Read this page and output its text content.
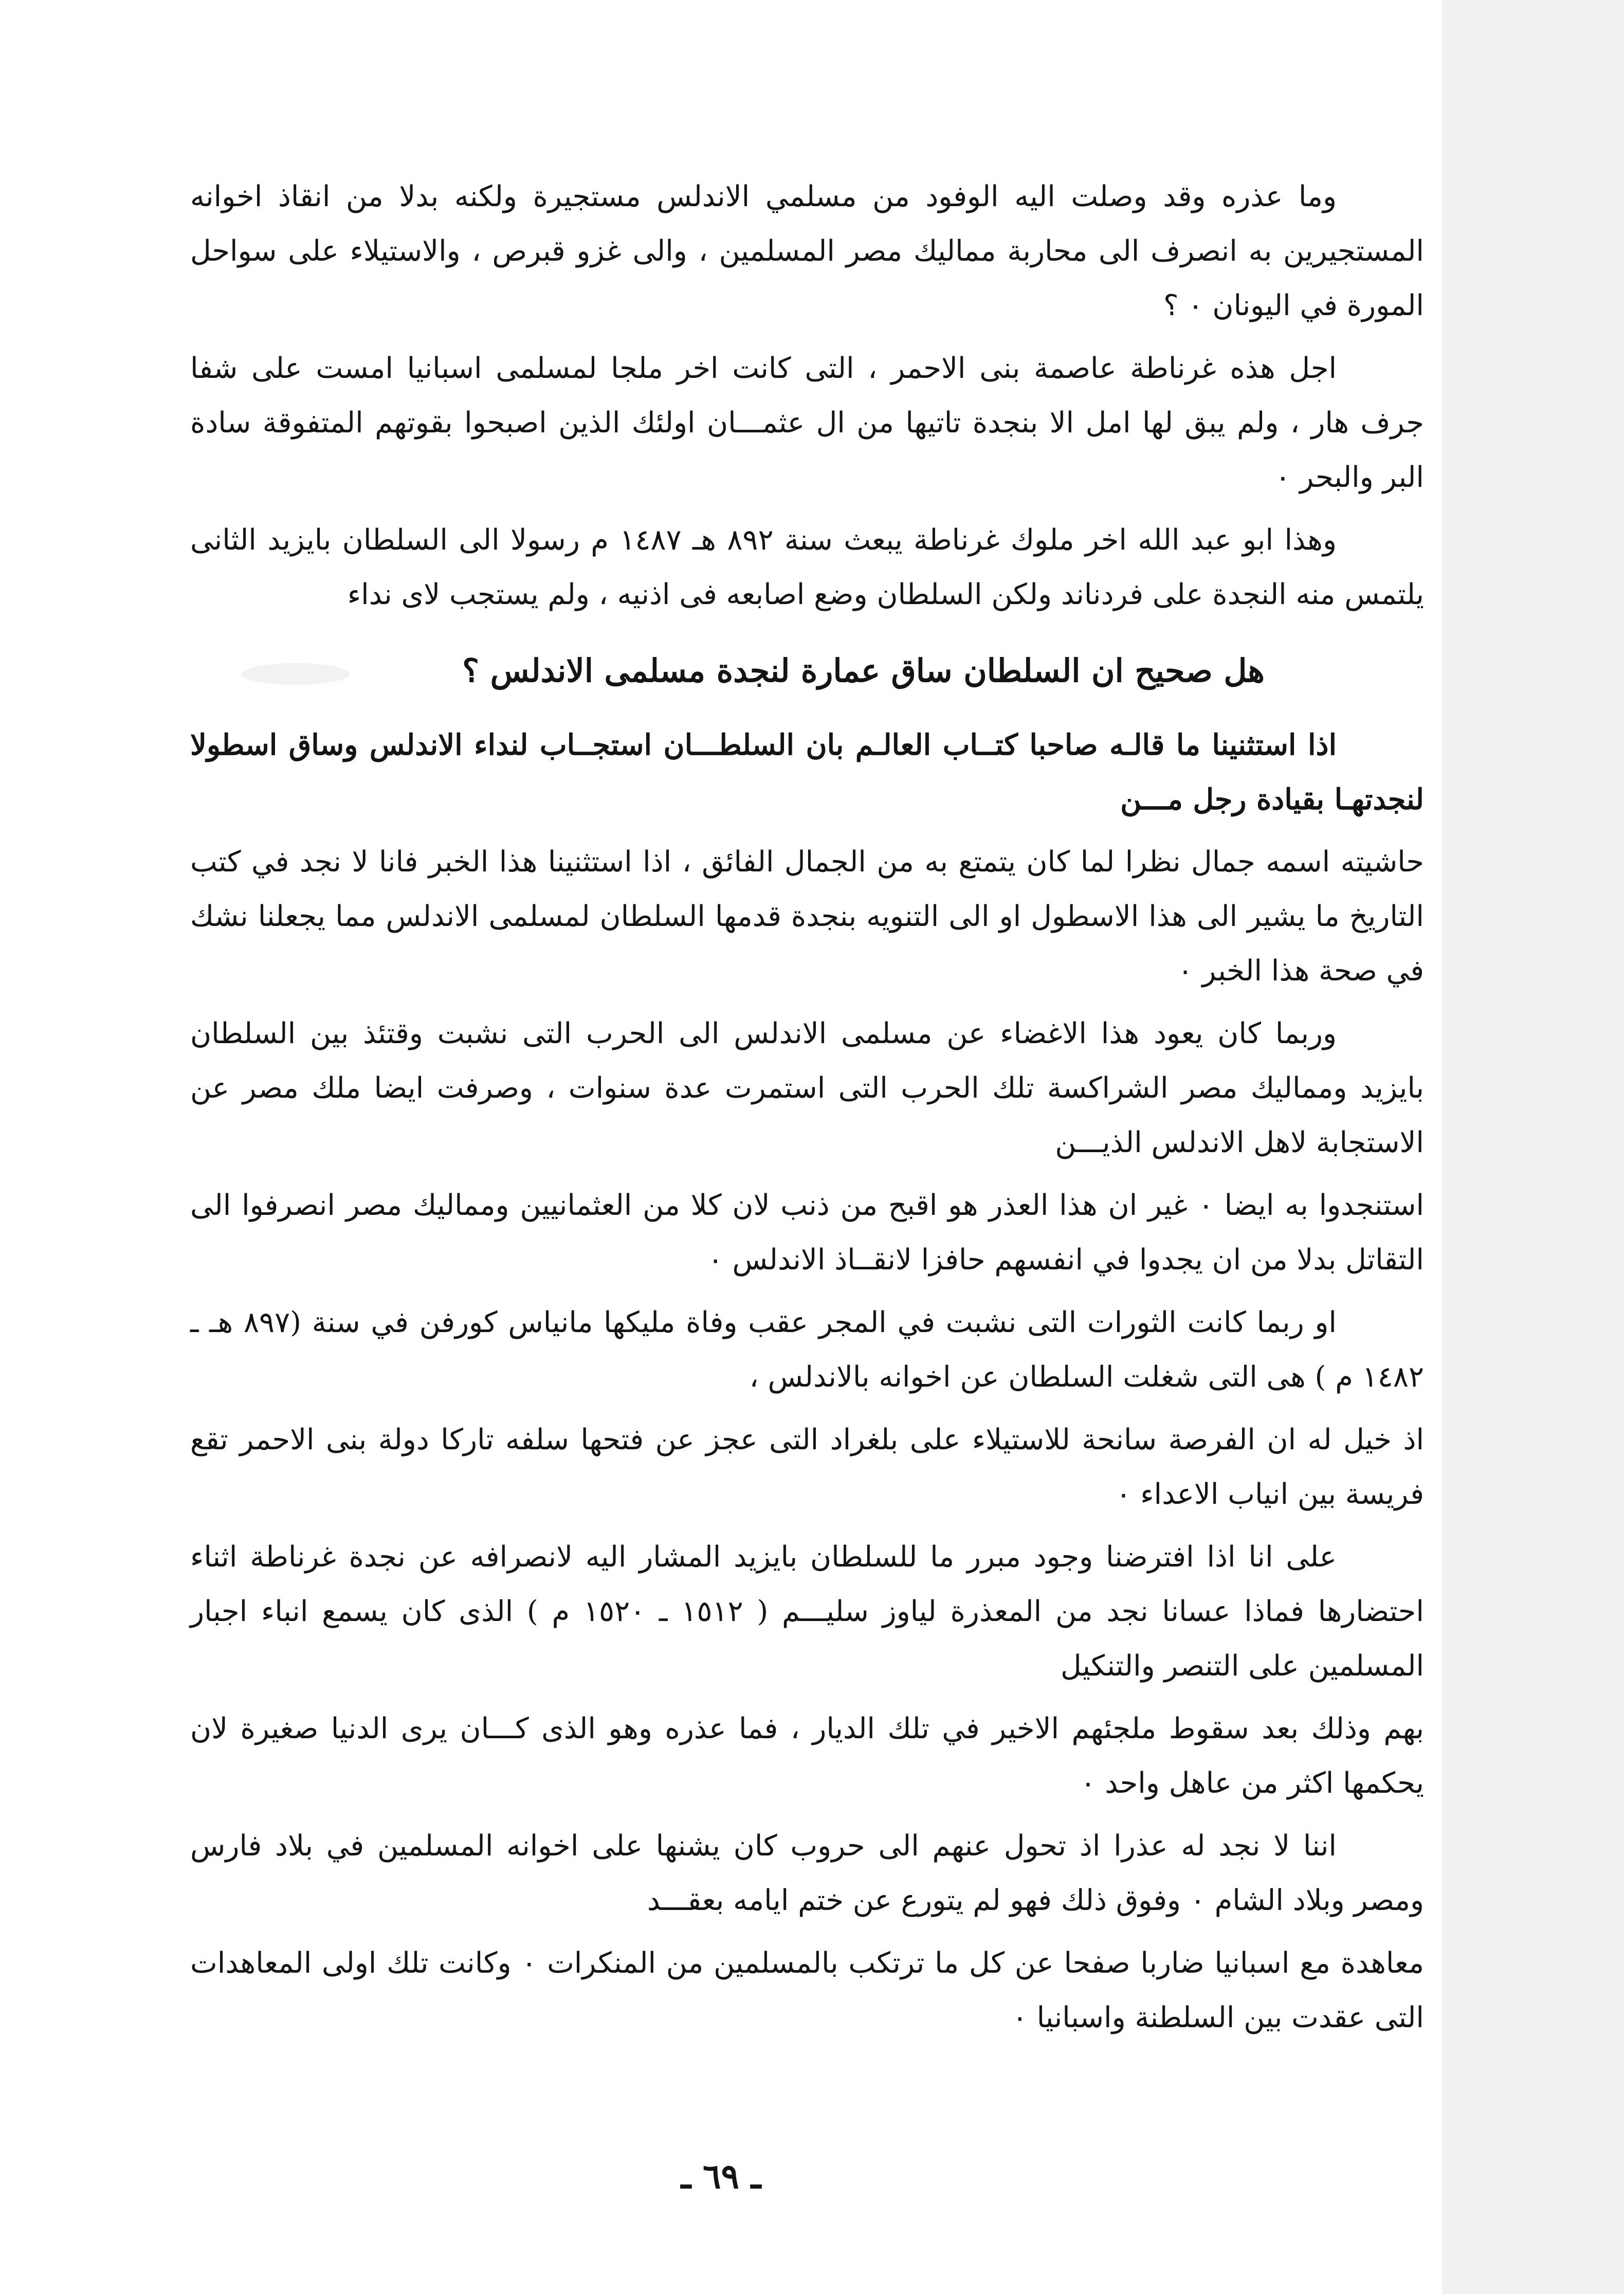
وما عذره وقد وصلت اليه الوفود من مسلمي الاندلس مستجيرة ولكنه بدلا من انقاذ اخوانه المستجيرين به انصرف الى محاربة مماليك مصر المسلمين ، والى غزو قبرص ، والاستيلاء على سواحل المورة في اليونان ٠ ؟

اجل هذه غرناطة عاصمة بنى الاحمر ، التى كانت اخر ملجا لمسلمى اسبانيا امست على شفا جرف هار ، ولم يبق لها امل الا بنجدة تاتيها من ال عثمـــان اولئك الذين اصبحوا بقوتهم المتفوقة سادة البر والبحر ٠

وهذا ابو عبد الله اخر ملوك غرناطة يبعث سنة ٨٩٢ هـ ١٤٨٧ م رسولا الى السلطان بايزيد الثانى يلتمس منه النجدة على فردناند ولكن السلطان وضع اصابعه فى اذنيه ، ولم يستجب لاى نداء

هل صحيح ان السلطان ساق عمارة لنجدة مسلمى الاندلس ؟

اذا استثنينا ما قالـه صاحبا كتــاب العالـم بان السلطـــان استجــاب لنداء الاندلس وساق اسطولا لنجدتهـا بقيادة رجل مـــن

حاشيته اسمه جمال نظرا لما كان يتمتع به من الجمال الفائق ، اذا استثنينا هذا الخبر فانا لا نجد في كتب التاريخ ما يشير الى هذا الاسطول او الى التنويه بنجدة قدمها السلطان لمسلمى الاندلس مما يجعلنا نشك في صحة هذا الخبر ٠

وربما كان يعود هذا الاغضاء عن مسلمى الاندلس الى الحرب التى نشبت وقتئذ بين السلطان بايزيد ومماليك مصر الشراكسة تلك الحرب التى استمرت عدة سنوات ، وصرفت ايضا ملك مصر عن الاستجابة لاهل الاندلس الذيـــن

استنجدوا به ايضا ٠ غير ان هذا العذر هو اقبح من ذنب لان كلا من العثمانيين ومماليك مصر انصرفوا الى التقاتل بدلا من ان يجدوا في انفسهم حافزا لانقــاذ الاندلس ٠

او ربما كانت الثورات التى نشبت في المجر عقب وفاة مليكها مانياس كورفن في سنة (٨٩٧ هـ ـ ١٤٨٢ م ) هى التى شغلت السلطان عن اخوانه بالاندلس ،

اذ خيل له ان الفرصة سانحة للاستيلاء على بلغراد التى عجز عن فتحها سلفه تاركا دولة بنى الاحمر تقع فريسة بين انياب الاعداء ٠

على انا اذا افترضنا وجود مبرر ما للسلطان بايزيد المشار اليه لانصرافه عن نجدة غرناطة اثناء احتضارها فماذا عسانا نجد من المعذرة لياوز سليـــم ( ١٥١٢ ـ ١٥٢٠ م ) الذى كان يسمع انباء اجبار المسلمين على التنصر والتنكيل

بهم وذلك بعد سقوط ملجئهم الاخير في تلك الديار ، فما عذره وهو الذى كـــان يرى الدنيا صغيرة لان يحكمها اكثر من عاهل واحد ٠

اننا لا نجد له عذرا اذ تحول عنهم الى حروب كان يشنها على اخوانه المسلمين في بلاد فارس ومصر وبلاد الشام ٠ وفوق ذلك فهو لم يتورع عن ختم ايامه بعقـــد

معاهدة مع اسبانيا ضاربا صفحا عن كل ما ترتكب بالمسلمين من المنكرات ٠ وكانت تلك اولى المعاهدات التى عقدت بين السلطنة واسبانيا ٠

ـ ٦٩ ـ
